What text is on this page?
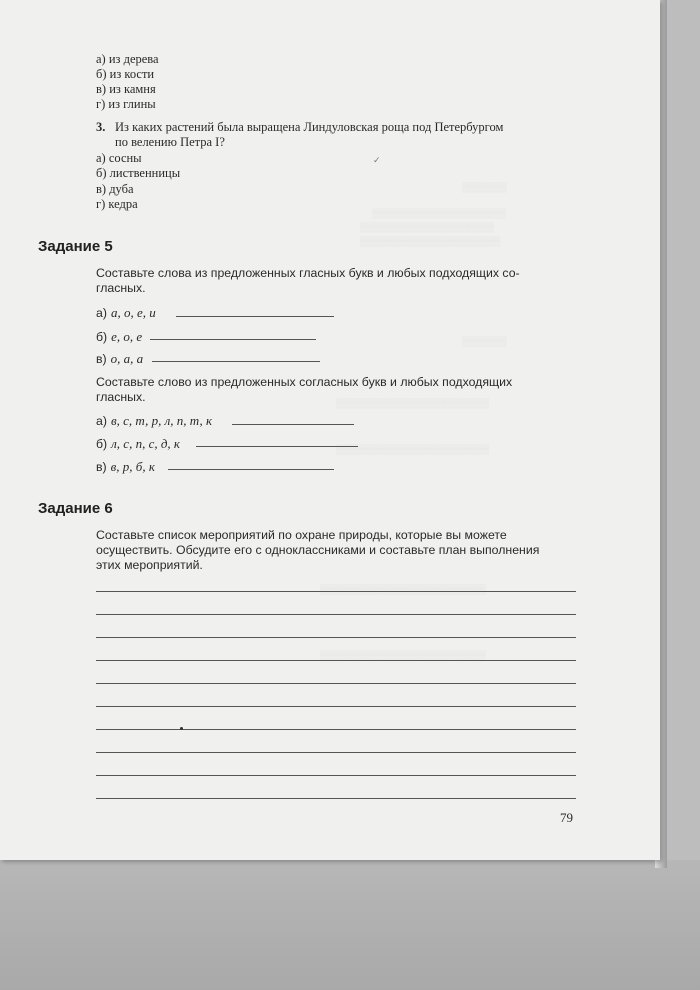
▒▒▒▒▒▒▒
▒▒▒▒▒▒▒▒▒▒▒▒▒▒▒▒▒▒▒▒▒
▒▒▒▒▒▒▒▒▒▒▒▒▒▒▒▒▒▒▒▒▒
▒▒▒▒▒▒▒▒▒▒▒▒▒▒▒▒▒▒▒▒▒▒
▒▒▒▒▒▒▒
▒▒▒▒▒▒▒▒▒▒▒▒▒▒▒▒▒▒▒▒▒▒▒▒
▒▒▒▒▒▒▒▒▒▒▒▒▒▒▒▒▒▒▒▒▒▒▒▒
▒▒▒▒▒▒▒▒▒▒▒▒▒▒▒▒▒▒▒▒▒▒▒▒▒▒
▒▒▒▒▒▒▒▒▒▒▒▒▒▒▒▒▒▒▒▒▒▒▒▒▒▒
а) из дерева
б) из кости
в) из камня
г) из глины
3. Из каких растений была выращена Линдуловская роща под Петербургом
по велению Петра I?
а) сосны
б) лиственницы
в) дуба
г) кедра
Задание 5
Составьте слова из предложенных гласных букв и любых подходящих со-
гласных.
а) а, о, е, и
б) е, о, е
в) о, а, а
Составьте слово из предложенных согласных букв и любых подходящих
гласных.
а) в, с, т, р, л, п, т, к
б) л, с, п, с, д, к
в) в, р, б, к
Задание 6
Составьте список мероприятий по охране природы, которые вы можете
осуществить. Обсудите его с одноклассниками и составьте план выполнения
этих мероприятий.
✓
79
